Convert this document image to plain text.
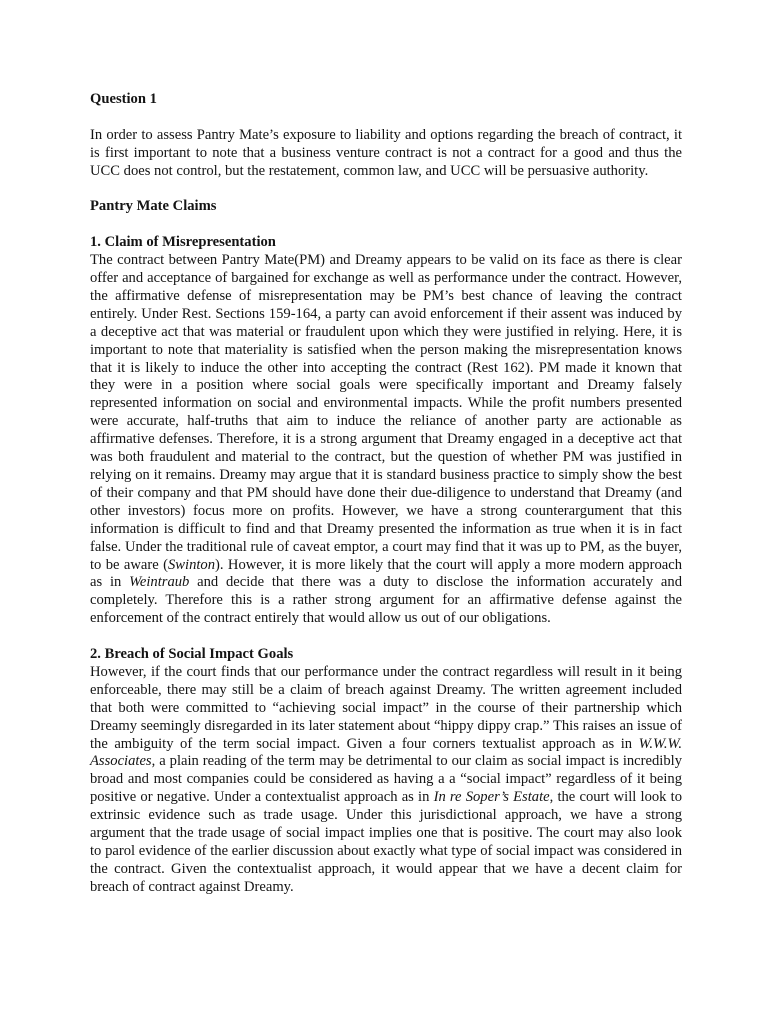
Question 1

In order to assess Pantry Mate’s exposure to liability and options regarding the breach of contract, it is first important to note that a business venture contract is not a contract for a good and thus the UCC does not control, but the restatement, common law, and UCC will be persuasive authority.

Pantry Mate Claims

1. Claim of Misrepresentation

The contract between Pantry Mate(PM) and Dreamy appears to be valid on its face as there is clear offer and acceptance of bargained for exchange as well as performance under the contract. However, the affirmative defense of misrepresentation may be PM’s best chance of leaving the contract entirely. Under Rest. Sections 159-164, a party can avoid enforcement if their assent was induced by a deceptive act that was material or fraudulent upon which they were justified in relying. Here, it is important to note that materiality is satisfied when the person making the misrepresentation knows that it is likely to induce the other into accepting the contract (Rest 162). PM made it known that they were in a position where social goals were specifically important and Dreamy falsely represented information on social and environmental impacts. While the profit numbers presented were accurate, half-truths that aim to induce the reliance of another party are actionable as affirmative defenses. Therefore, it is a strong argument that Dreamy engaged in a deceptive act that was both fraudulent and material to the contract, but the question of whether PM was justified in relying on it remains. Dreamy may argue that it is standard business practice to simply show the best of their company and that PM should have done their due-diligence to understand that Dreamy (and other investors) focus more on profits. However, we have a strong counterargument that this information is difficult to find and that Dreamy presented the information as true when it is in fact false. Under the traditional rule of caveat emptor, a court may find that it was up to PM, as the buyer, to be aware (Swinton). However, it is more likely that the court will apply a more modern approach as in Weintraub and decide that there was a duty to disclose the information accurately and completely. Therefore this is a rather strong argument for an affirmative defense against the enforcement of the contract entirely that would allow us out of our obligations.

2. Breach of Social Impact Goals

However, if the court finds that our performance under the contract regardless will result in it being enforceable, there may still be a claim of breach against Dreamy. The written agreement included that both were committed to “achieving social impact” in the course of their partnership which Dreamy seemingly disregarded in its later statement about “hippy dippy crap.” This raises an issue of the ambiguity of the term social impact. Given a four corners textualist approach as in W.W.W. Associates, a plain reading of the term may be detrimental to our claim as social impact is incredibly broad and most companies could be considered as having a a “social impact” regardless of it being positive or negative. Under a contextualist approach as in In re Soper’s Estate, the court will look to extrinsic evidence such as trade usage. Under this jurisdictional approach, we have a strong argument that the trade usage of social impact implies one that is positive. The court may also look to parol evidence of the earlier discussion about exactly what type of social impact was considered in the contract. Given the contextualist approach, it would appear that we have a decent claim for breach of contract against Dreamy.
